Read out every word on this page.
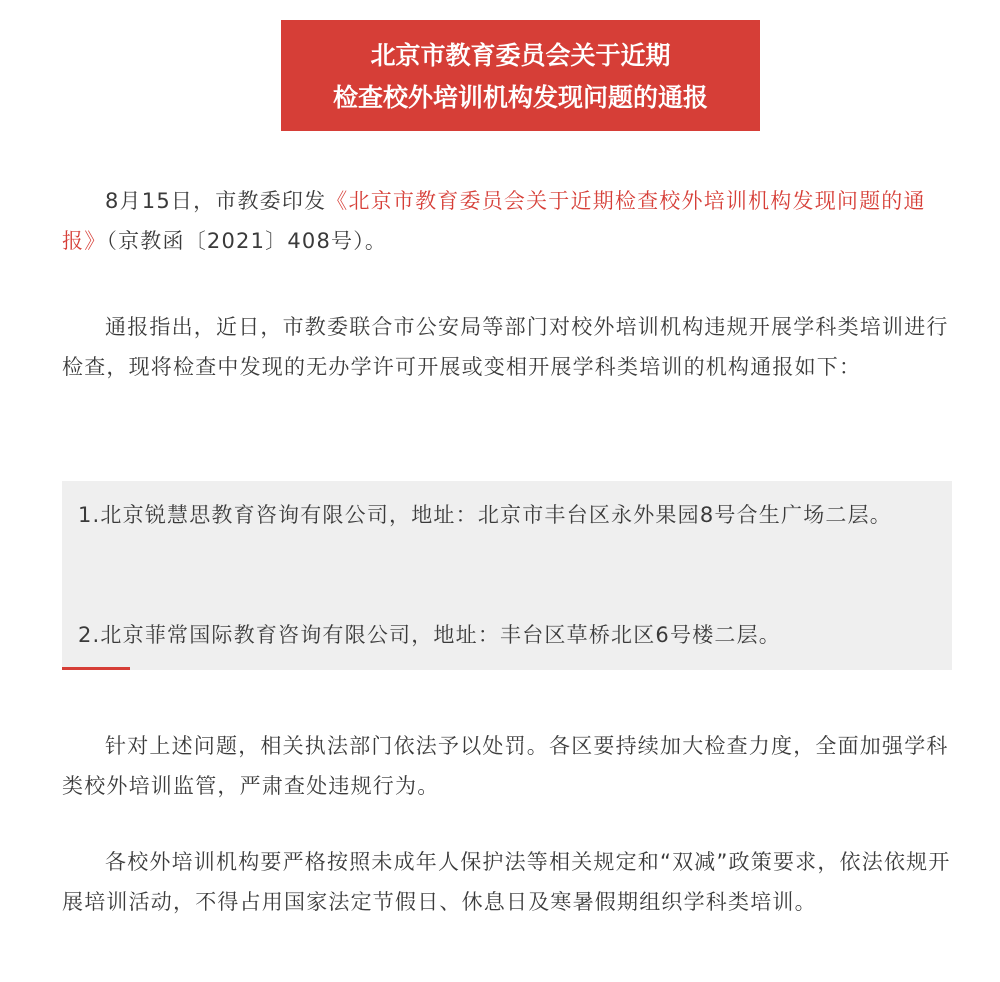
北京市教育委员会关于近期
检查校外培训机构发现问题的通报

8月15日，市教委印发《北京市教育委员会关于近期检查校外培训机构发现问题的通报》（京教函〔2021〕408号）。

通报指出，近日，市教委联合市公安局等部门对校外培训机构违规开展学科类培训进行检查，现将检查中发现的无办学许可开展或变相开展学科类培训的机构通报如下：

1.北京锐慧思教育咨询有限公司，地址：北京市丰台区永外果园8号合生广场二层。

2.北京菲常国际教育咨询有限公司，地址：丰台区草桥北区6号楼二层。

针对上述问题，相关执法部门依法予以处罚。各区要持续加大检查力度，全面加强学科类校外培训监管，严肃查处违规行为。

各校外培训机构要严格按照未成年人保护法等相关规定和“双减”政策要求，依法依规开展培训活动，不得占用国家法定节假日、休息日及寒暑假期组织学科类培训。
